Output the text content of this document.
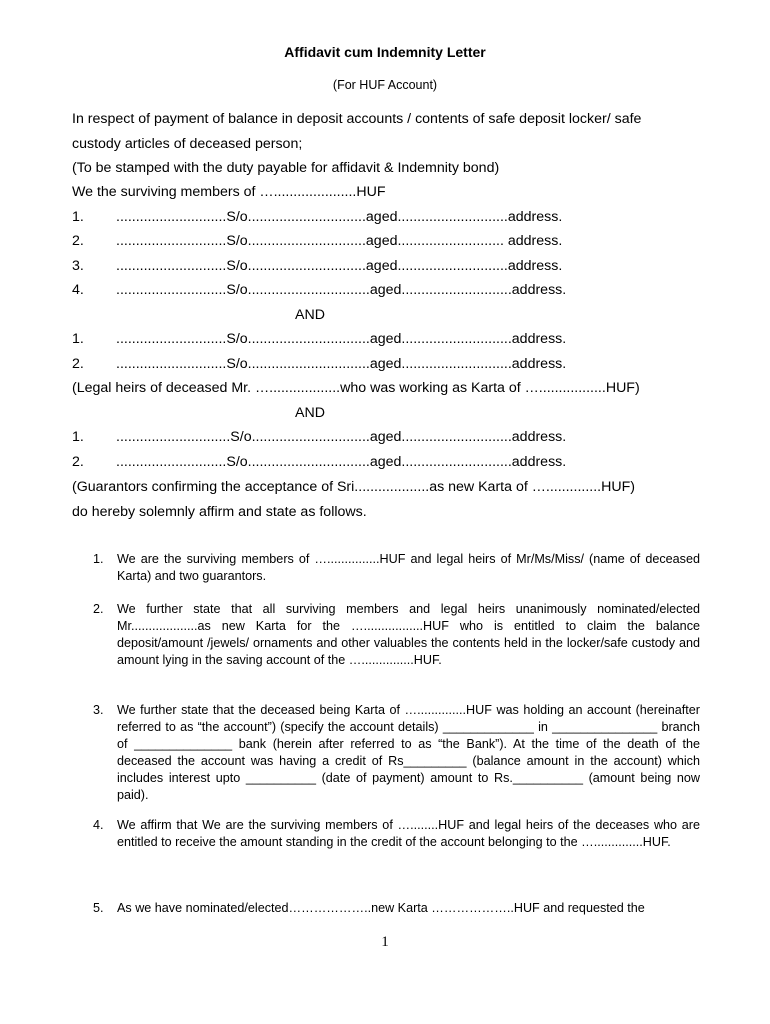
Affidavit cum Indemnity Letter
(For HUF Account)
In respect of payment of balance in deposit accounts / contents of safe deposit locker/ safe
custody articles of deceased person;
(To be stamped with the duty payable for affidavit & Indemnity bond)
We the surviving members of ….....................HUF
1. ............................S/o..............................aged............................address.
2. ............................S/o..............................aged........................... address.
3. ............................S/o..............................aged............................address.
4. ............................S/o...............................aged............................address.
AND
1. ............................S/o...............................aged............................address.
2. ............................S/o...............................aged............................address.
(Legal heirs of deceased Mr. …..................who was working as Karta of ….................HUF)
AND
1. .............................S/o..............................aged............................address.
2. ............................S/o...............................aged............................address.
(Guarantors confirming the acceptance of Sri...................as new Karta of …..............HUF)
do hereby solemnly affirm and state as follows.
1. We are the surviving members of …...............HUF and legal heirs of Mr/Ms/Miss/ (name of deceased Karta) and two guarantors.
2. We further state that all surviving members and legal heirs unanimously nominated/elected Mr...................as new Karta for the ….................HUF who is entitled to claim the balance deposit/amount /jewels/ ornaments and other valuables the contents held in the locker/safe custody and amount lying in the saving account of the …...............HUF.
3. We further state that the deceased being Karta of …..............HUF was holding an account (hereinafter referred to as “the account”) (specify the account details) _____________ in _______________ branch of ______________ bank (herein after referred to as “the Bank”). At the time of the death of the deceased the account was having a credit of Rs_________ (balance amount in the account) which includes interest upto __________ (date of payment) amount to Rs.__________ (amount being now paid).
4. We affirm that We are the surviving members of …........HUF and legal heirs of the deceases who are entitled to receive the amount standing in the credit of the account belonging to the …..............HUF.
5. As we have nominated/elected………………..new Karta ………………..HUF and requested the
1
